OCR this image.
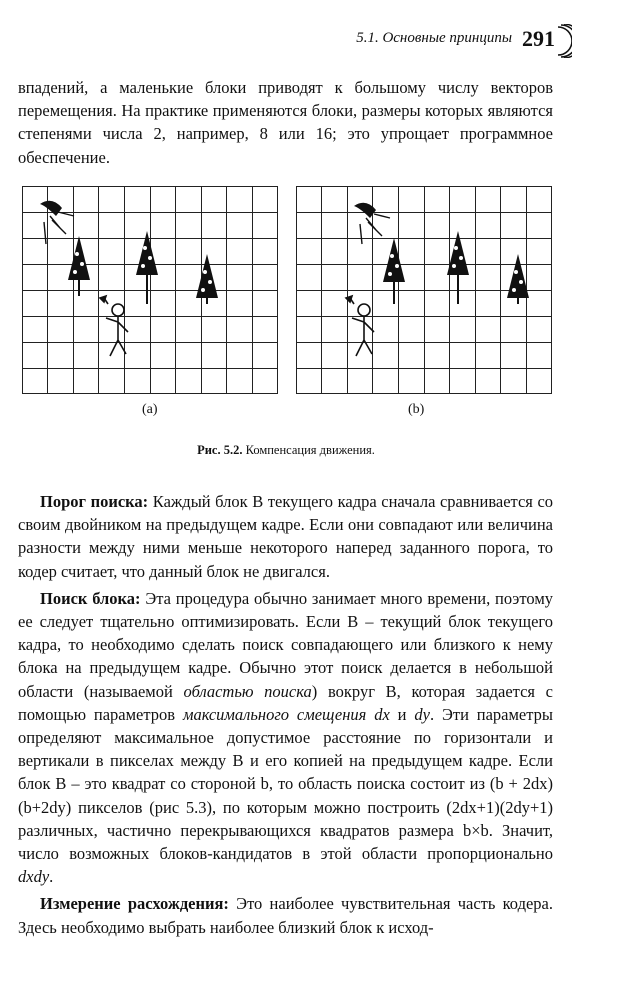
5.1. Основные принципы 291

впадений, а маленькие блоки приводят к большому числу векторов перемещения. На практике применяются блоки, размеры которых являются степенями числа 2, например, 8 или 16; это упрощает программное обеспечение.

(a)	(b)
Рис. 5.2. Компенсация движения.

Порог поиска: Каждый блок B текущего кадра сначала сравнивается со своим двойником на предыдущем кадре. Если они совпадают или величина разности между ними меньше некоторого наперед заданного порога, то кодер считает, что данный блок не двигался.

Поиск блока: Эта процедура обычно занимает много времени, поэтому ее следует тщательно оптимизировать. Если B – текущий блок текущего кадра, то необходимо сделать поиск совпадающего или близкого к нему блока на предыдущем кадре. Обычно этот поиск делается в небольшой области (называемой областью поиска) вокруг B, которая задается с помощью параметров максимального смещения dx и dy. Эти параметры определяют максимальное допустимое расстояние по горизонтали и вертикали в пикселах между B и его копией на предыдущем кадре. Если блок B – это квадрат со стороной b, то область поиска состоит из (b + 2dx)(b+2dy) пикселов (рис 5.3), по которым можно построить (2dx+1)(2dy+1) различных, частично перекрывающихся квадратов размера b×b. Значит, число возможных блоков-кандидатов в этой области пропорционально dxdy.

Измерение расхождения: Это наиболее чувствительная часть кодера. Здесь необходимо выбрать наиболее близкий блок к исход-
